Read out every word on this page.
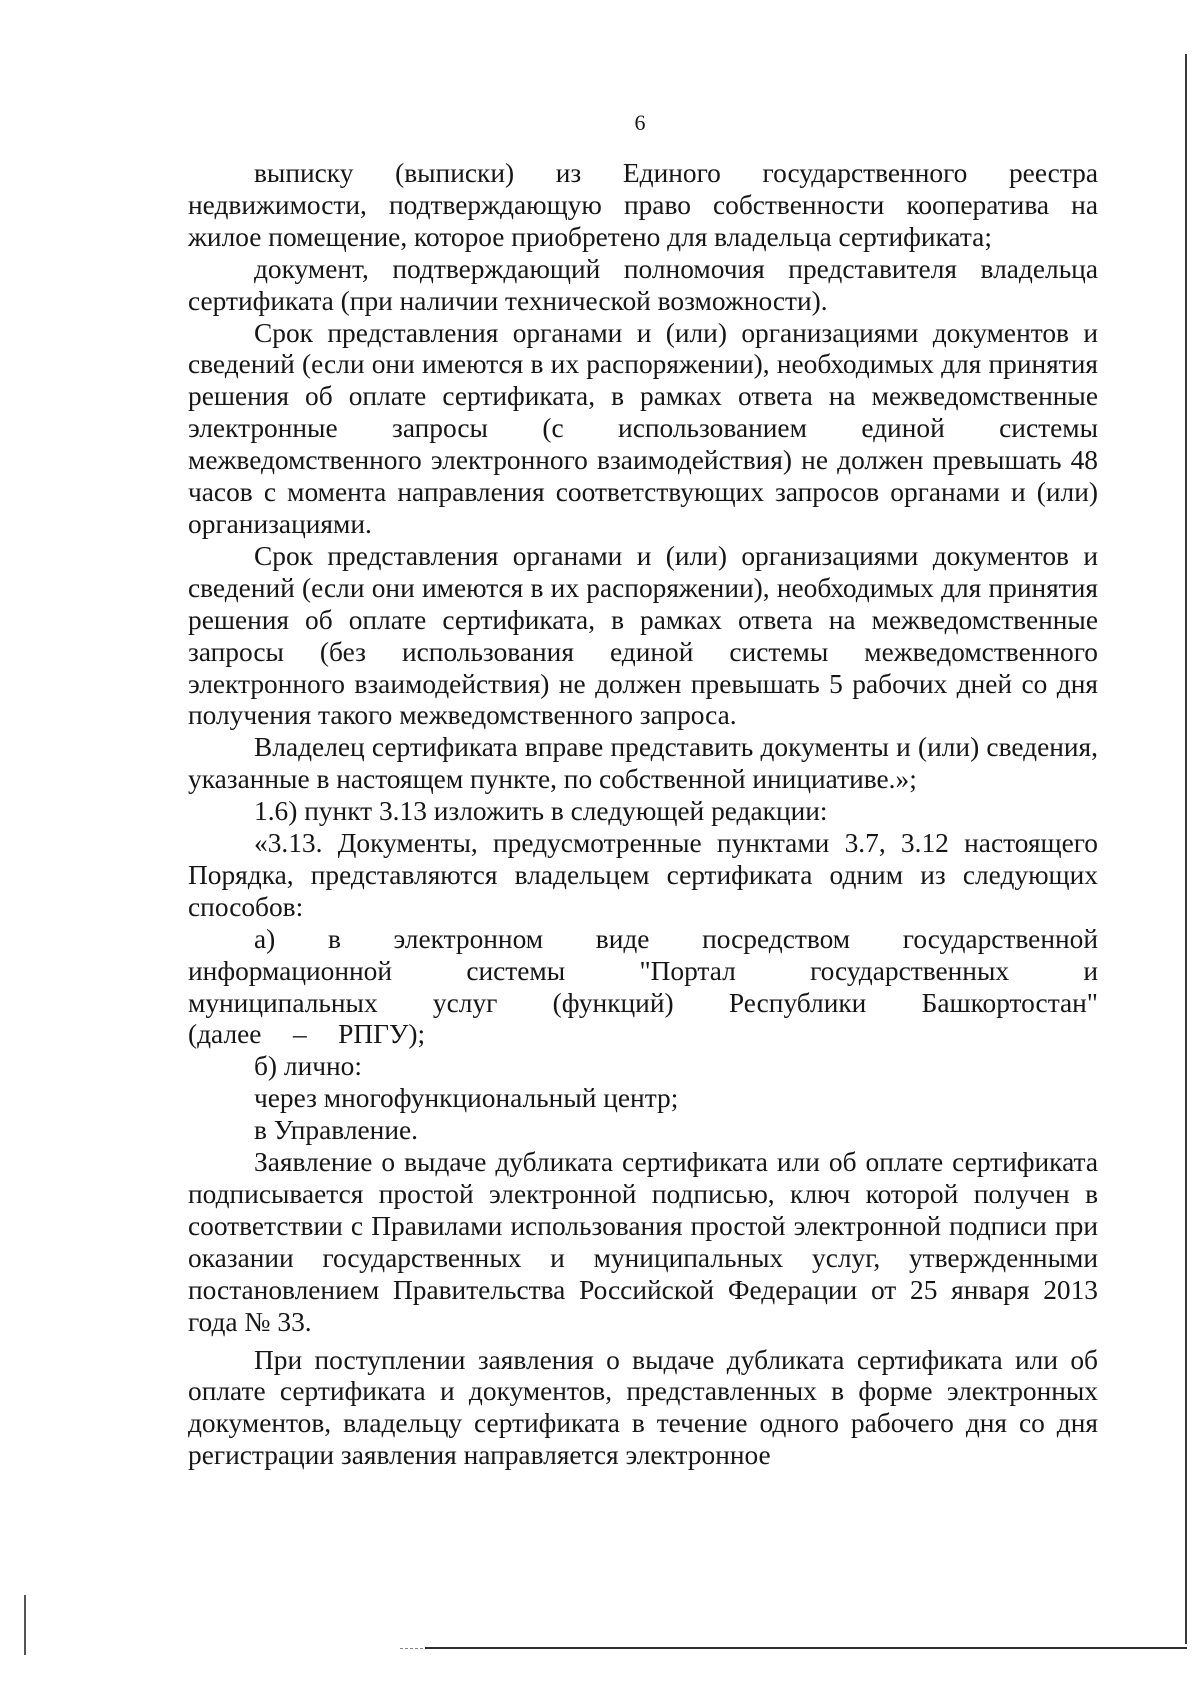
6

выписку (выписки) из Единого государственного реестра недвижимости, подтверждающую право собственности кооператива на жилое помещение, которое приобретено для владельца сертификата;

документ, подтверждающий полномочия представителя владельца сертификата (при наличии технической возможности).

Срок представления органами и (или) организациями документов и сведений (если они имеются в их распоряжении), необходимых для принятия решения об оплате сертификата, в рамках ответа на межведомственные электронные запросы (с использованием единой системы межведомственного электронного взаимодействия) не должен превышать 48 часов с момента направления соответствующих запросов органами и (или) организациями.

Срок представления органами и (или) организациями документов и сведений (если они имеются в их распоряжении), необходимых для принятия решения об оплате сертификата, в рамках ответа на межведомственные запросы (без использования единой системы межведомственного электронного взаимодействия) не должен превышать 5 рабочих дней со дня получения такого межведомственного запроса.

Владелец сертификата вправе представить документы и (или) сведения, указанные в настоящем пункте, по собственной инициативе.»;

1.6) пункт 3.13 изложить в следующей редакции:

«3.13. Документы, предусмотренные пунктами 3.7, 3.12 настоящего Порядка, представляются владельцем сертификата одним из следующих способов:

а) в электронном виде посредством государственной информационной системы "Портал государственных и муниципальных услуг (функций) Республики Башкортостан" (далее – РПГУ);

б) лично:

через многофункциональный центр;

в Управление.

Заявление о выдаче дубликата сертификата или об оплате сертификата подписывается простой электронной подписью, ключ которой получен в соответствии с Правилами использования простой электронной подписи при оказании государственных и муниципальных услуг, утвержденными постановлением Правительства Российской Федерации от 25 января 2013 года № 33.

При поступлении заявления о выдаче дубликата сертификата или об оплате сертификата и документов, представленных в форме электронных документов, владельцу сертификата в течение одного рабочего дня со дня регистрации заявления направляется электронное
